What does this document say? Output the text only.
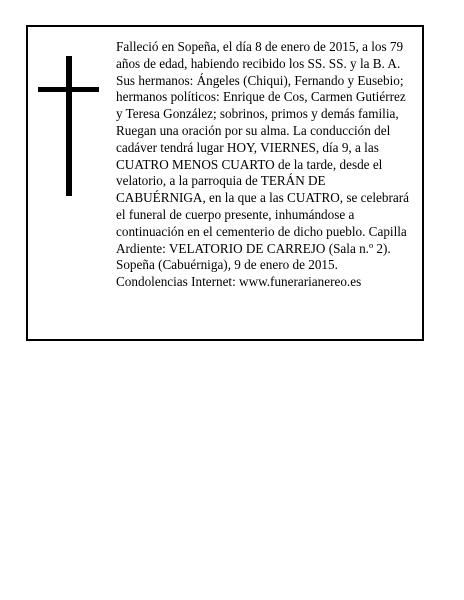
Falleció en Sopeña, el día 8 de enero de 2015, a los 79
años de edad, habiendo recibido los SS. SS. y la B. A.
Sus hermanos: Ángeles (Chiqui), Fernando y Eusebio;
hermanos políticos: Enrique de Cos, Carmen Gutiérrez
y Teresa González; sobrinos, primos y demás familia,
Ruegan una oración por su alma. La conducción del
cadáver tendrá lugar HOY, VIERNES, día 9, a las
CUATRO MENOS CUARTO de la tarde, desde el
velatorio, a la parroquia de TERÁN DE
CABUÉRNIGA, en la que a las CUATRO, se celebrará
el funeral de cuerpo presente, inhumándose a
continuación en el cementerio de dicho pueblo. Capilla
Ardiente: VELATORIO DE CARREJO (Sala n.º 2).
Sopeña (Cabuérniga), 9 de enero de 2015.
Condolencias Internet: www.funerarianereo.es
